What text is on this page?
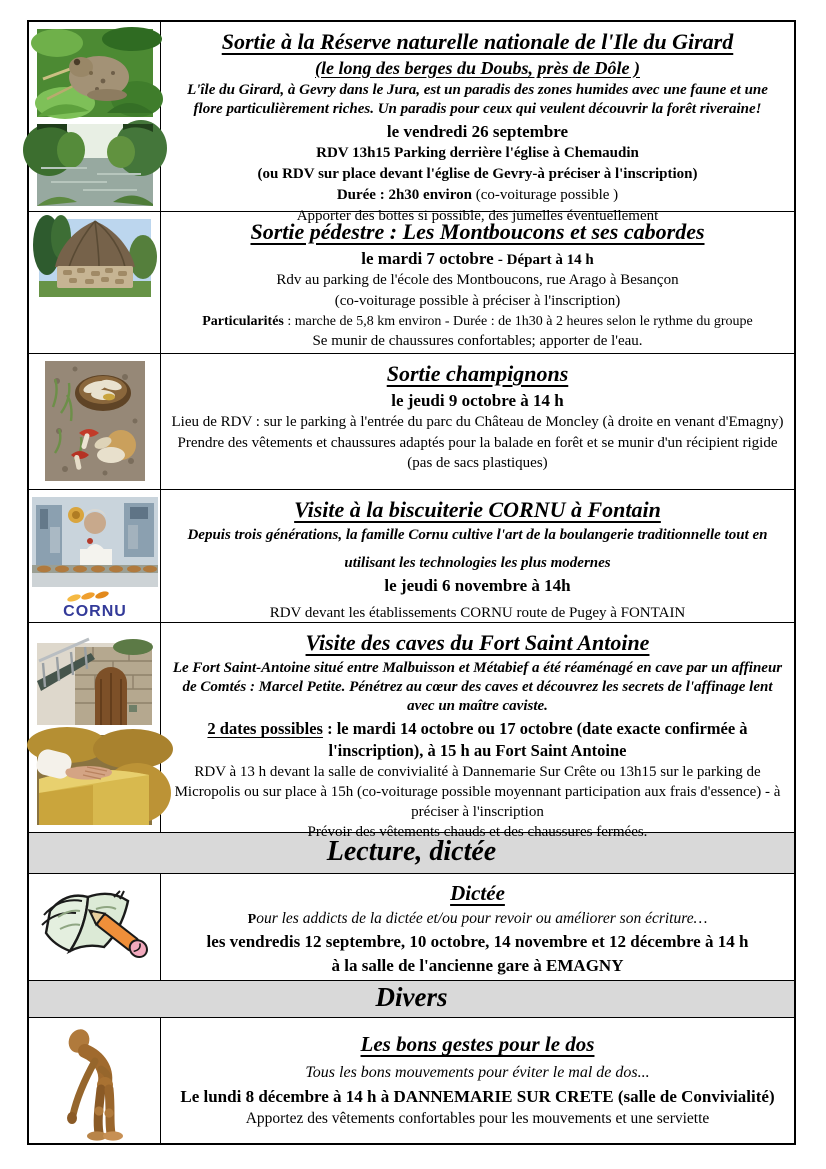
Sortie à la Réserve naturelle nationale de l'Ile du Girard
(le long des berges du Doubs, près de Dôle )
L'île du Girard, à Gevry dans le Jura, est un paradis des zones humides avec une faune et une flore particulièrement riches. Un paradis pour ceux qui veulent découvrir la forêt riveraine!
le vendredi 26 septembre
RDV 13h15 Parking derrière l'église à Chemaudin
(ou RDV sur place devant l'église de Gevry-à préciser à l'inscription)
Durée : 2h30 environ (co-voiturage possible )
Apporter des bottes si possible, des jumelles éventuellement
Sortie pédestre : Les Montboucons et ses cabordes
le mardi 7 octobre - Départ à 14 h
Rdv au parking de l'école des Montboucons, rue Arago à Besançon
(co-voiturage possible à préciser à l'inscription)
Particularités : marche de 5,8 km environ - Durée : de 1h30 à 2 heures selon le rythme du groupe
Se munir de chaussures confortables; apporter de l'eau.
Sortie champignons
le jeudi 9 octobre à 14 h
Lieu de RDV : sur le parking à l'entrée du parc du Château de Moncley (à droite en venant d'Emagny)
Prendre des vêtements et chaussures adaptés pour la balade en forêt et se munir d'un récipient rigide
(pas de sacs plastiques)
CORNU
Visite à la biscuiterie CORNU à Fontain
Depuis trois générations, la famille Cornu cultive l'art de la boulangerie traditionnelle tout en
utilisant les technologies les plus modernes
le jeudi 6 novembre à 14h
RDV devant les établissements CORNU route de Pugey à FONTAIN
Visite des caves du Fort Saint Antoine
Le Fort Saint-Antoine situé entre Malbuisson et Métabief a été réaménagé en cave par un affineur de Comtés : Marcel Petite. Pénétrez au cœur des caves et découvrez les secrets de l'affinage lent avec un maître caviste.
2 dates possibles : le mardi 14 octobre ou 17 octobre (date exacte confirmée à l'inscription), à 15 h au Fort Saint Antoine
RDV à 13 h devant la salle de convivialité à Dannemarie Sur Crête ou 13h15 sur le parking de Micropolis ou sur place à 15h (co-voiturage possible moyennant participation aux frais d'essence) - à préciser à l'inscription
Prévoir des vêtements chauds et des chaussures fermées.
Lecture, dictée
Dictée
Pour les addicts de la dictée et/ou pour revoir ou améliorer son écriture…
les vendredis 12 septembre, 10 octobre, 14 novembre et 12 décembre à 14 h
à la salle de l'ancienne gare à EMAGNY
Divers
Les bons gestes pour le dos
Tous les bons mouvements pour éviter le mal de dos...
Le lundi 8 décembre à 14 h à DANNEMARIE SUR CRETE (salle de Convivialité)
Apportez des vêtements confortables pour les mouvements et une serviette
